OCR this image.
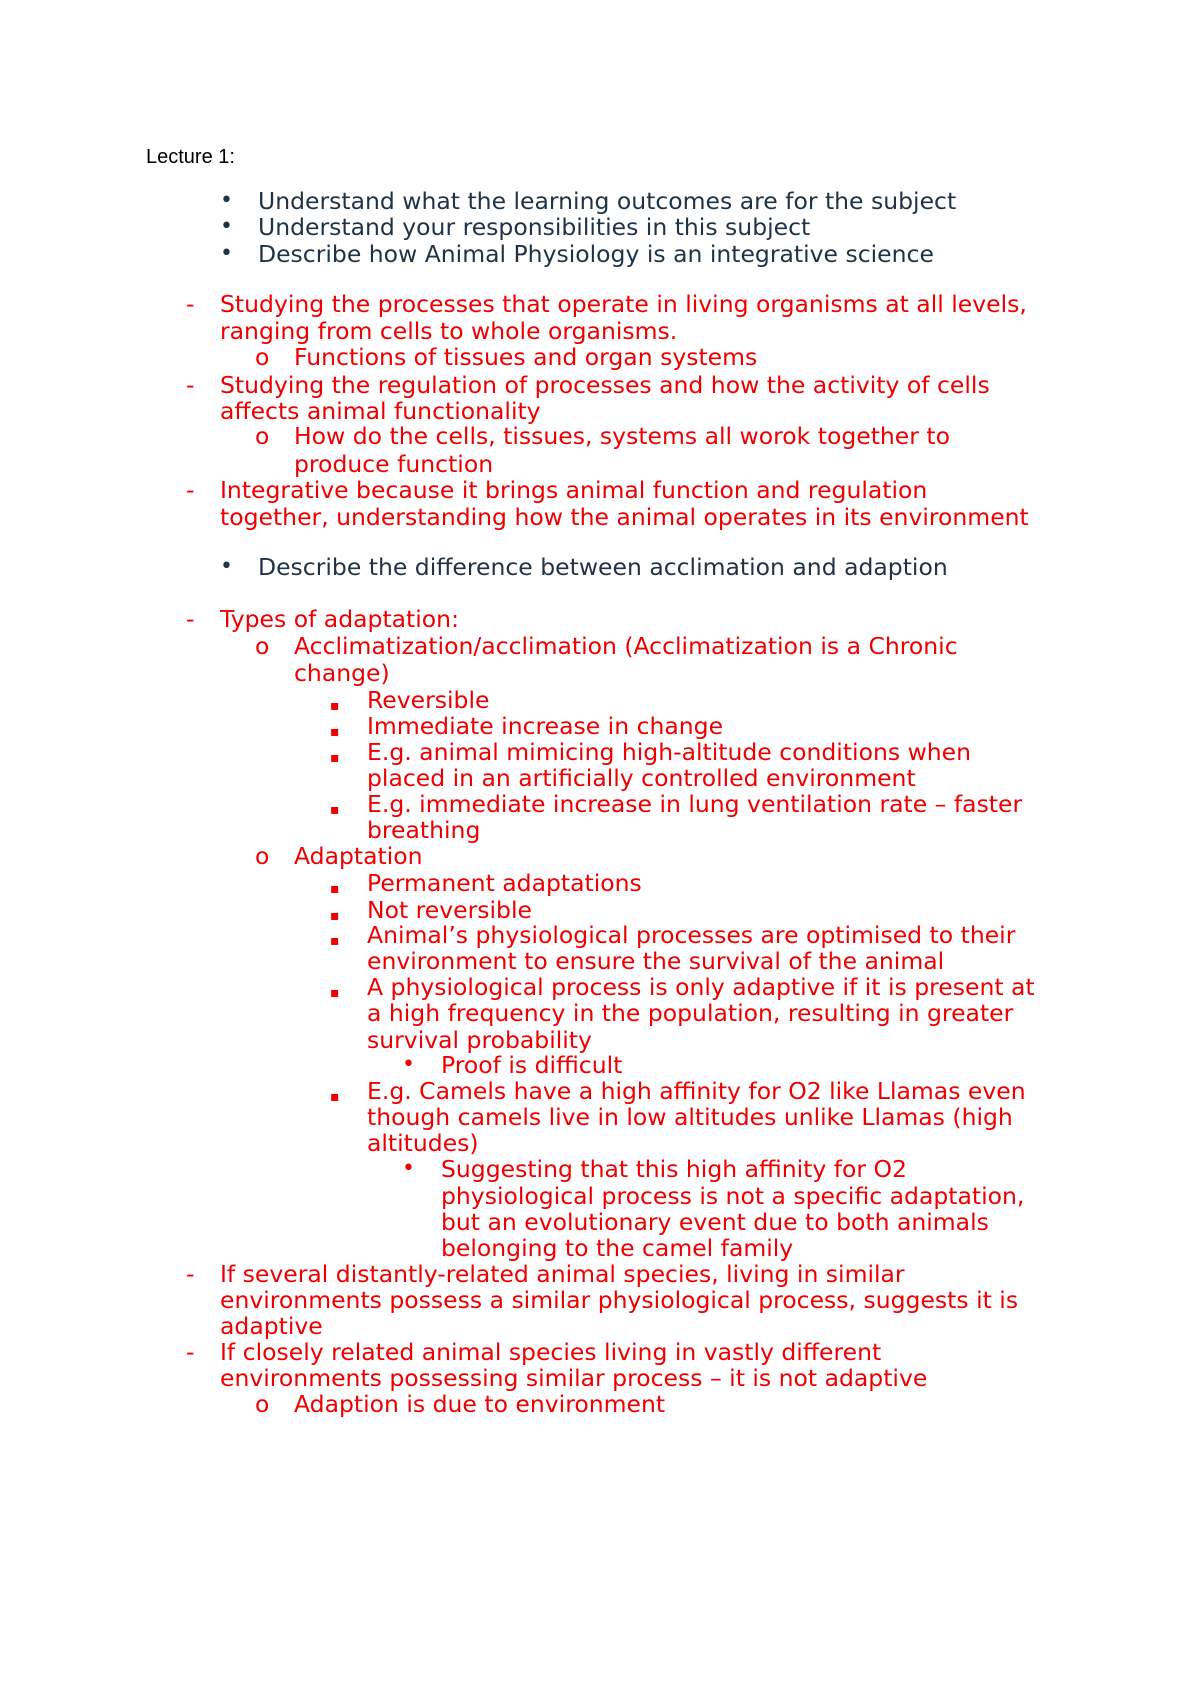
Lecture 1:
• Understand what the learning outcomes are for the subject
• Understand your responsibilities in this subject
• Describe how Animal Physiology is an integrative science
- Studying the processes that operate in living organisms at all levels,
ranging from cells to whole organisms.
o Functions of tissues and organ systems
- Studying the regulation of processes and how the activity of cells
affects animal functionality
o How do the cells, tissues, systems all worok together to
produce function
- Integrative because it brings animal function and regulation
together, understanding how the animal operates in its environment
• Describe the difference between acclimation and adaption
- Types of adaptation:
o Acclimatization/acclimation (Acclimatization is a Chronic
change)
▪ Reversible
▪ Immediate increase in change
▪ E.g. animal mimicing high-altitude conditions when
placed in an artificially controlled environment
▪ E.g. immediate increase in lung ventilation rate – faster
breathing
o Adaptation
▪ Permanent adaptations
▪ Not reversible
▪ Animal’s physiological processes are optimised to their
environment to ensure the survival of the animal
▪ A physiological process is only adaptive if it is present at
a high frequency in the population, resulting in greater
survival probability
• Proof is difficult
▪ E.g. Camels have a high affinity for O2 like Llamas even
though camels live in low altitudes unlike Llamas (high
altitudes)
• Suggesting that this high affinity for O2
physiological process is not a specific adaptation,
but an evolutionary event due to both animals
belonging to the camel family
- If several distantly-related animal species, living in similar
environments possess a similar physiological process, suggests it is
adaptive
- If closely related animal species living in vastly different
environments possessing similar process – it is not adaptive
o Adaption is due to environment
